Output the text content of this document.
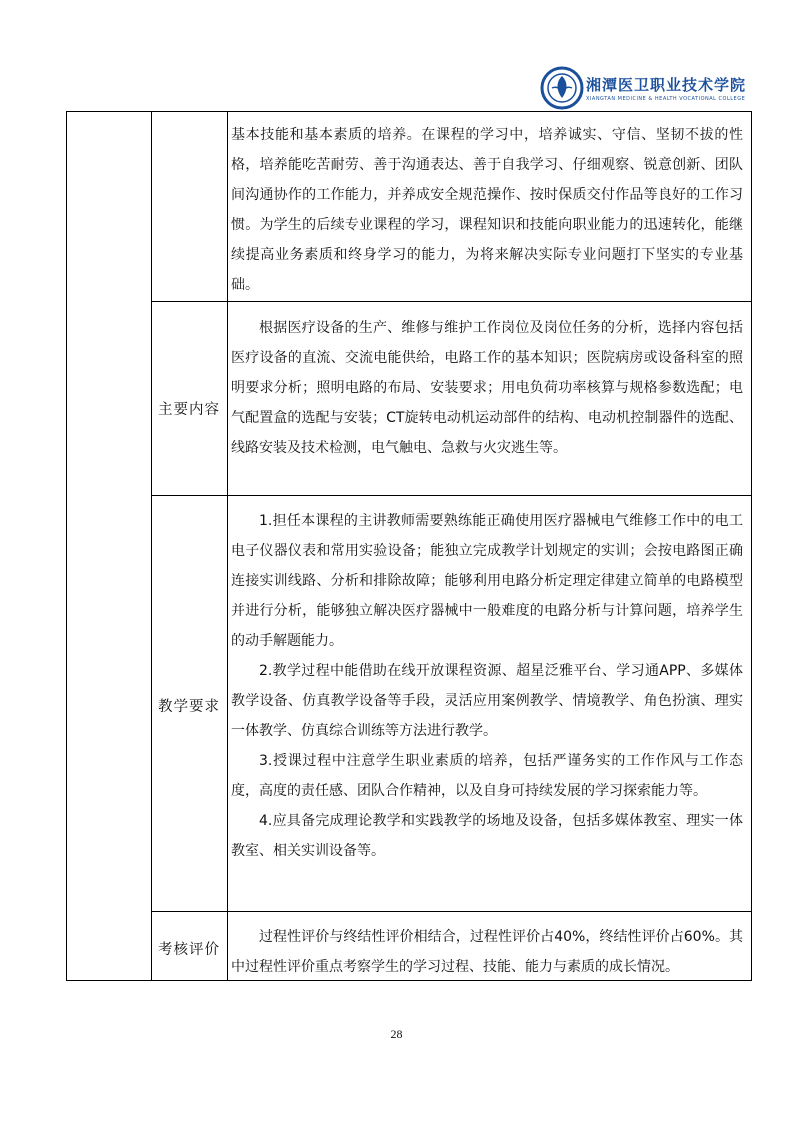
湘潭医卫职业技术学院
XIANGTAN MEDICINE & HEALTH VOCATIONAL COLLEGE
基本技能和基本素质的培养。在课程的学习中，培养诚实、守信、坚韧不拔的性格，培养能吃苦耐劳、善于沟通表达、善于自我学习、仔细观察、锐意创新、团队间沟通协作的工作能力，并养成安全规范操作、按时保质交付作品等良好的工作习惯。为学生的后续专业课程的学习，课程知识和技能向职业能力的迅速转化，能继续提高业务素质和终身学习的能力，为将来解决实际专业问题打下坚实的专业基础。
主要内容

根据医疗设备的生产、维修与维护工作岗位及岗位任务的分析，选择内容包括医疗设备的直流、交流电能供给，电路工作的基本知识；医院病房或设备科室的照明要求分析；照明电路的布局、安装要求；用电负荷功率核算与规格参数选配；电气配置盒的选配与安装；CT旋转电动机运动部件的结构、电动机控制器件的选配、线路安装及技术检测，电气触电、急救与火灾逃生等。

教学要求

1.担任本课程的主讲教师需要熟练能正确使用医疗器械电气维修工作中的电工电子仪器仪表和常用实验设备；能独立完成教学计划规定的实训；会按电路图正确连接实训线路、分析和排除故障；能够利用电路分析定理定律建立简单的电路模型并进行分析，能够独立解决医疗器械中一般难度的电路分析与计算问题，培养学生的动手解题能力。

2.教学过程中能借助在线开放课程资源、超星泛雅平台、学习通APP、多媒体教学设备、仿真教学设备等手段，灵活应用案例教学、情境教学、角色扮演、理实一体教学、仿真综合训练等方法进行教学。

3.授课过程中注意学生职业素质的培养，包括严谨务实的工作作风与工作态度，高度的责任感、团队合作精神，以及自身可持续发展的学习探索能力等。

4.应具备完成理论教学和实践教学的场地及设备，包括多媒体教室、理实一体教室、相关实训设备等。

考核评价

过程性评价与终结性评价相结合，过程性评价占40%，终结性评价占60%。其中过程性评价重点考察学生的学习过程、技能、能力与素质的成长情况。

28
